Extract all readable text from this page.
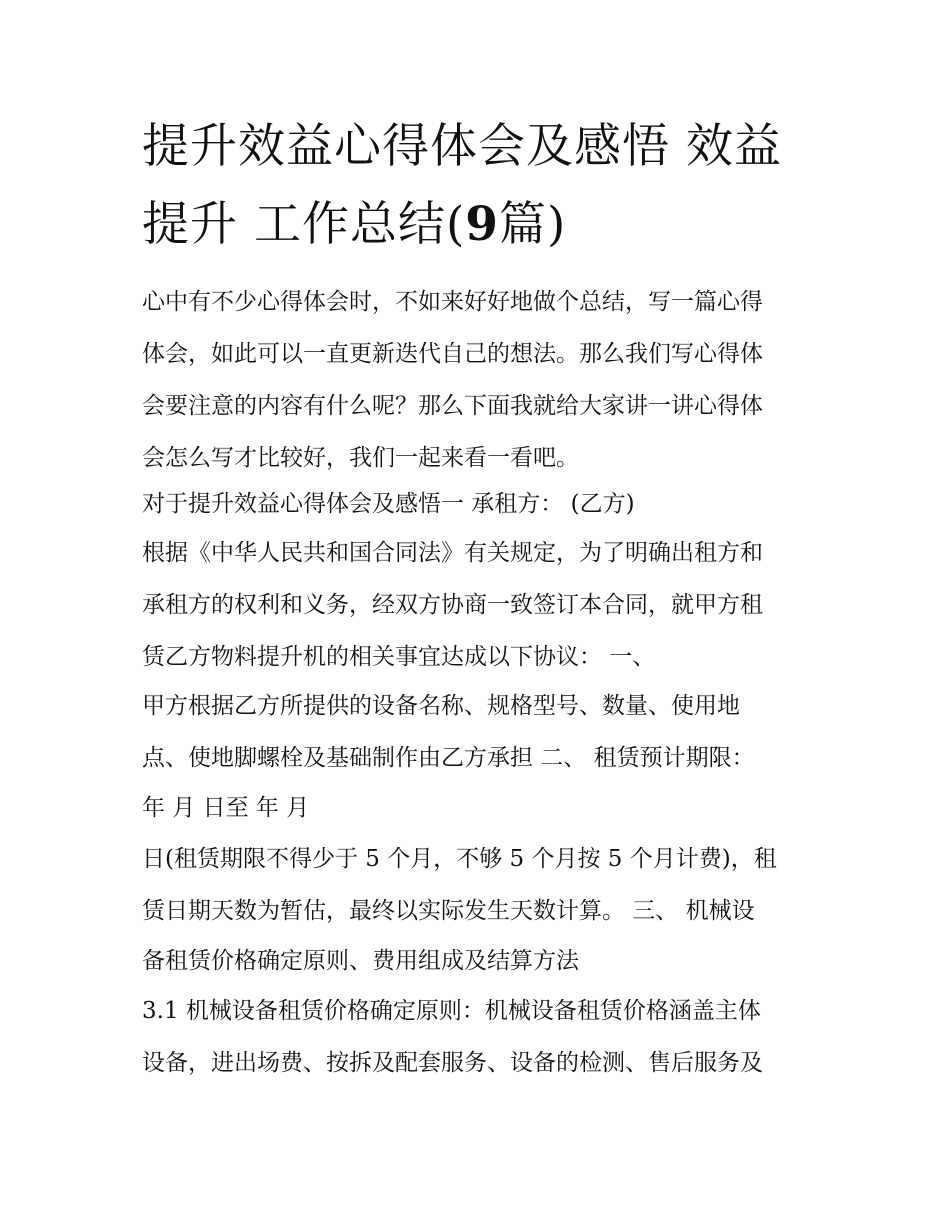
提升效益心得体会及感悟 效益
提升 工作总结(9篇)

心中有不少心得体会时，不如来好好地做个总结，写一篇心得

体会，如此可以一直更新迭代自己的想法。那么我们写心得体

会要注意的内容有什么呢？那么下面我就给大家讲一讲心得体

会怎么写才比较好，我们一起来看一看吧。

对于提升效益心得体会及感悟一 承租方： (乙方)

根据《中华人民共和国合同法》有关规定，为了明确出租方和

承租方的权利和义务，经双方协商一致签订本合同，就甲方租

赁乙方物料提升机的相关事宜达成以下协议： 一、

甲方根据乙方所提供的设备名称、规格型号、数量、使用地

点、使地脚螺栓及基础制作由乙方承担 二、 租赁预计期限：

年 月 日至 年 月

日(租赁期限不得少于 5 个月，不够 5 个月按 5 个月计费)，租

赁日期天数为暂估，最终以实际发生天数计算。 三、 机械设

备租赁价格确定原则、费用组成及结算方法

3.1 机械设备租赁价格确定原则：机械设备租赁价格涵盖主体

设备，进出场费、按拆及配套服务、设备的检测、售后服务及
